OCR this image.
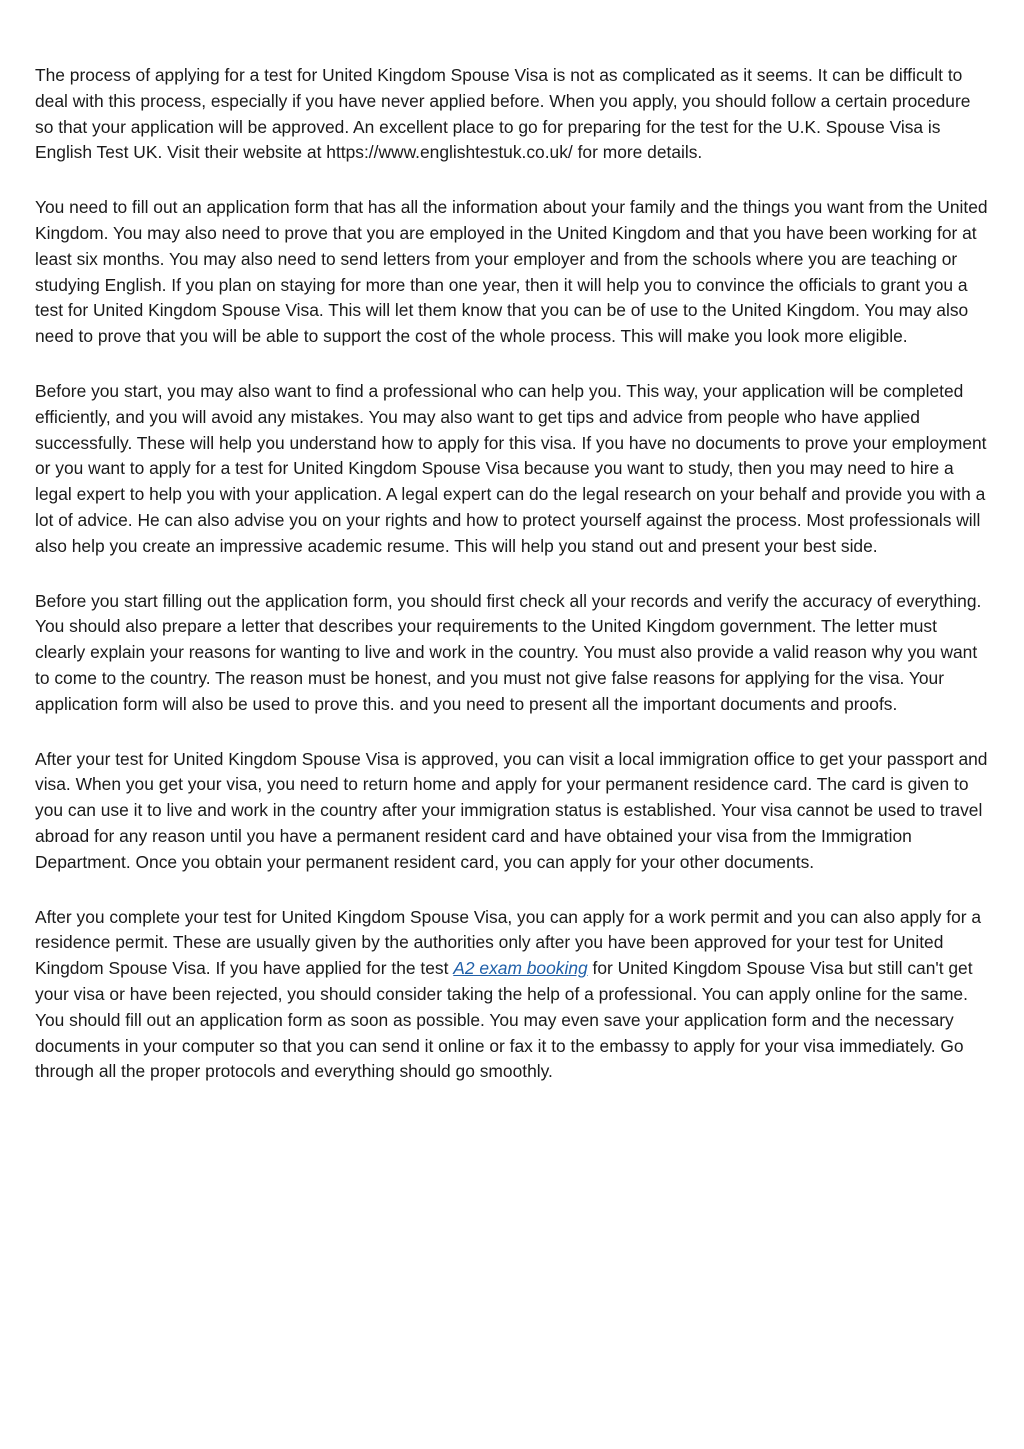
The process of applying for a test for United Kingdom Spouse Visa is not as complicated as it seems. It can be difficult to deal with this process, especially if you have never applied before. When you apply, you should follow a certain procedure so that your application will be approved. An excellent place to go for preparing for the test for the U.K. Spouse Visa is English Test UK. Visit their website at https://www.englishtestuk.co.uk/ for more details.

You need to fill out an application form that has all the information about your family and the things you want from the United Kingdom. You may also need to prove that you are employed in the United Kingdom and that you have been working for at least six months. You may also need to send letters from your employer and from the schools where you are teaching or studying English. If you plan on staying for more than one year, then it will help you to convince the officials to grant you a test for United Kingdom Spouse Visa. This will let them know that you can be of use to the United Kingdom. You may also need to prove that you will be able to support the cost of the whole process. This will make you look more eligible.

Before you start, you may also want to find a professional who can help you. This way, your application will be completed efficiently, and you will avoid any mistakes. You may also want to get tips and advice from people who have applied successfully. These will help you understand how to apply for this visa. If you have no documents to prove your employment or you want to apply for a test for United Kingdom Spouse Visa because you want to study, then you may need to hire a legal expert to help you with your application. A legal expert can do the legal research on your behalf and provide you with a lot of advice. He can also advise you on your rights and how to protect yourself against the process. Most professionals will also help you create an impressive academic resume. This will help you stand out and present your best side.

Before you start filling out the application form, you should first check all your records and verify the accuracy of everything. You should also prepare a letter that describes your requirements to the United Kingdom government. The letter must clearly explain your reasons for wanting to live and work in the country. You must also provide a valid reason why you want to come to the country. The reason must be honest, and you must not give false reasons for applying for the visa. Your application form will also be used to prove this. and you need to present all the important documents and proofs.

After your test for United Kingdom Spouse Visa is approved, you can visit a local immigration office to get your passport and visa. When you get your visa, you need to return home and apply for your permanent residence card. The card is given to you can use it to live and work in the country after your immigration status is established. Your visa cannot be used to travel abroad for any reason until you have a permanent resident card and have obtained your visa from the Immigration Department. Once you obtain your permanent resident card, you can apply for your other documents.

After you complete your test for United Kingdom Spouse Visa, you can apply for a work permit and you can also apply for a residence permit. These are usually given by the authorities only after you have been approved for your test for United Kingdom Spouse Visa. If you have applied for the test A2 exam booking for United Kingdom Spouse Visa but still can't get your visa or have been rejected, you should consider taking the help of a professional. You can apply online for the same. You should fill out an application form as soon as possible. You may even save your application form and the necessary documents in your computer so that you can send it online or fax it to the embassy to apply for your visa immediately. Go through all the proper protocols and everything should go smoothly.
